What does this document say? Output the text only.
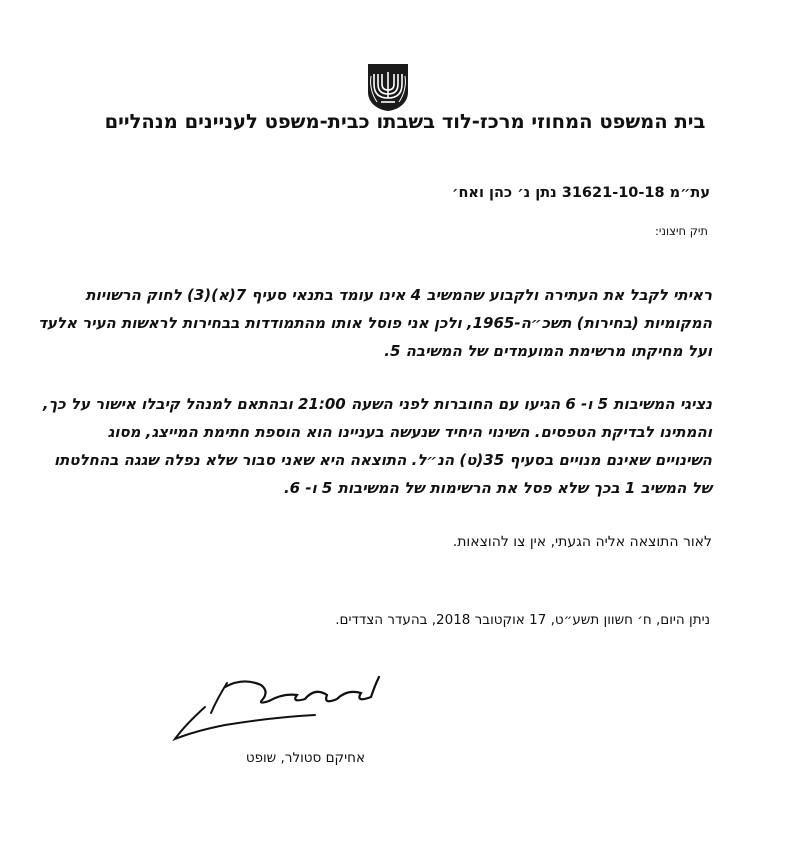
בית המשפט המחוזי מרכז-לוד בשבתו כבית-משפט לעניינים מנהליים
עת״מ 31621-10-18 נתן נ׳ כהן ואח׳
תיק חיצוני:
ראיתי לקבל את העתירה ולקבוע שהמשיב 4 אינו עומד בתנאי סעיף 7(א)(3) לחוק הרשויות
המקומיות (בחירות) תשכ״ה-1965, ולכן אני פוסל אותו מהתמודדות בבחירות לראשות העיר אלעד
ועל מחיקתו מרשימת המועמדים של המשיבה 5.
נציגי המשיבות 5 ו- 6 הגיעו עם החוברות לפני השעה 21:00 ובהתאם למנהל קיבלו אישור על כך,
והמתינו לבדיקת הטפסים. השינוי היחיד שנעשה בעניינו הוא הוספת חתימת המייצג, מסוג
השינויים שאינם מנויים בסעיף 35(ט) הנ״ל. התוצאה היא שאני סבור שלא נפלה שגגה בהחלטתו
של המשיב 1 בכך שלא פסל את הרשימות של המשיבות 5 ו- 6.
לאור התוצאה אליה הגעתי, אין צו להוצאות.
ניתן היום, ח׳ חשוון תשע״ט, 17 אוקטובר 2018, בהעדר הצדדים.
אחיקם סטולר, שופט
